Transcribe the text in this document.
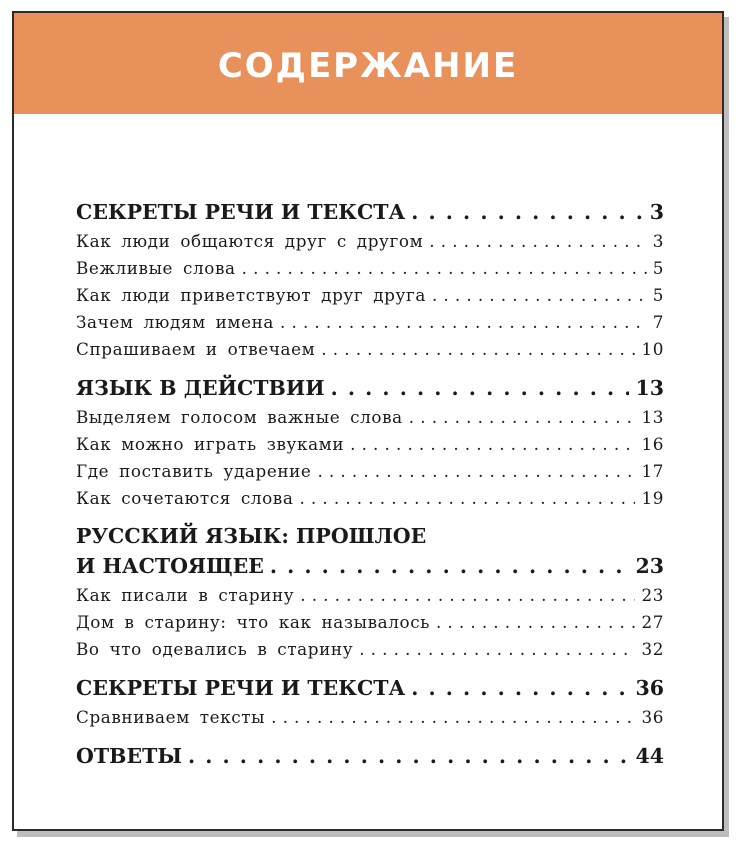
СОДЕРЖАНИЕ
СЕКРЕТЫ РЕЧИ И ТЕКСТА . . .	3
Как люди общаются друг с другом . . .	3
Вежливые слова . . .	5
Как люди приветствуют друг друга . . .	5
Зачем людям имена . . .	7
Спрашиваем и отвечаем . . .	10
ЯЗЫК В ДЕЙСТВИИ . . .	13
Выделяем голосом важные слова . . .	13
Как можно играть звуками . . .	16
Где поставить ударение . . .	17
Как сочетаются слова . . .	19
РУССКИЙ ЯЗЫК: ПРОШЛОЕ
И НАСТОЯЩЕЕ . . .	23
Как писали в старину . . .	23
Дом в старину: что как называлось . . .	27
Во что одевались в старину . . .	32
СЕКРЕТЫ РЕЧИ И ТЕКСТА . . .	36
Сравниваем тексты . . .	36
ОТВЕТЫ . . .	44
